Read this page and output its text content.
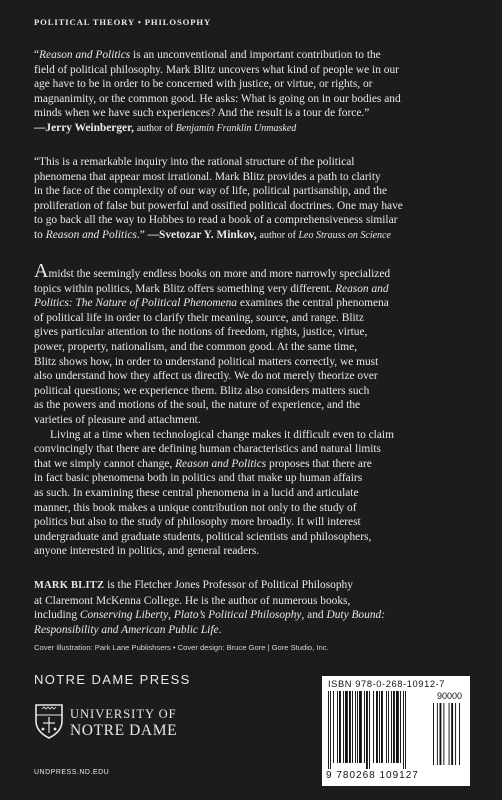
POLITICAL THEORY • PHILOSOPHY
“Reason and Politics is an unconventional and important contribution to the
field of political philosophy. Mark Blitz uncovers what kind of people we in our
age have to be in order to be concerned with justice, or virtue, or rights, or
magnanimity, or the common good. He asks: What is going on in our bodies and
minds when we have such experiences? And the result is a tour de force.”
—Jerry Weinberger, author of Benjamin Franklin Unmasked
“This is a remarkable inquiry into the rational structure of the political
phenomena that appear most irrational. Mark Blitz provides a path to clarity
in the face of the complexity of our way of life, political partisanship, and the
proliferation of false but powerful and ossified political doctrines. One may have
to go back all the way to Hobbes to read a book of a comprehensiveness similar
to Reason and Politics.” —Svetozar Y. Minkov, author of Leo Strauss on Science

Amidst the seemingly endless books on more and more narrowly specialized
topics within politics, Mark Blitz offers something very different. Reason and
Politics: The Nature of Political Phenomena examines the central phenomena
of political life in order to clarify their meaning, source, and range. Blitz
gives particular attention to the notions of freedom, rights, justice, virtue,
power, property, nationalism, and the common good. At the same time,
Blitz shows how, in order to understand political matters correctly, we must
also understand how they affect us directly. We do not merely theorize over
political questions; we experience them. Blitz also considers matters such
as the powers and motions of the soul, the nature of experience, and the
varieties of pleasure and attachment.

Living at a time when technological change makes it difficult even to claim
convincingly that there are defining human characteristics and natural limits
that we simply cannot change, Reason and Politics proposes that there are
in fact basic phenomena both in politics and that make up human affairs
as such. In examining these central phenomena in a lucid and articulate
manner, this book makes a unique contribution not only to the study of
politics but also to the study of philosophy more broadly. It will interest
undergraduate and graduate students, political scientists and philosophers,
anyone interested in politics, and general readers.

MARK BLITZ is the Fletcher Jones Professor of Political Philosophy
at Claremont McKenna College. He is the author of numerous books,
including Conserving Liberty, Plato’s Political Philosophy, and Duty Bound:
Responsibility and American Public Life.

Cover illustration: Park Lane Publishsers • Cover design: Bruce Gore | Gore Studio, Inc.
NOTRE DAME PRESS
UNIVERSITY OF
NOTRE DAME
UNDPRESS.ND.EDU
ISBN 978-0-268-10912-7
90000
9 780268 109127
